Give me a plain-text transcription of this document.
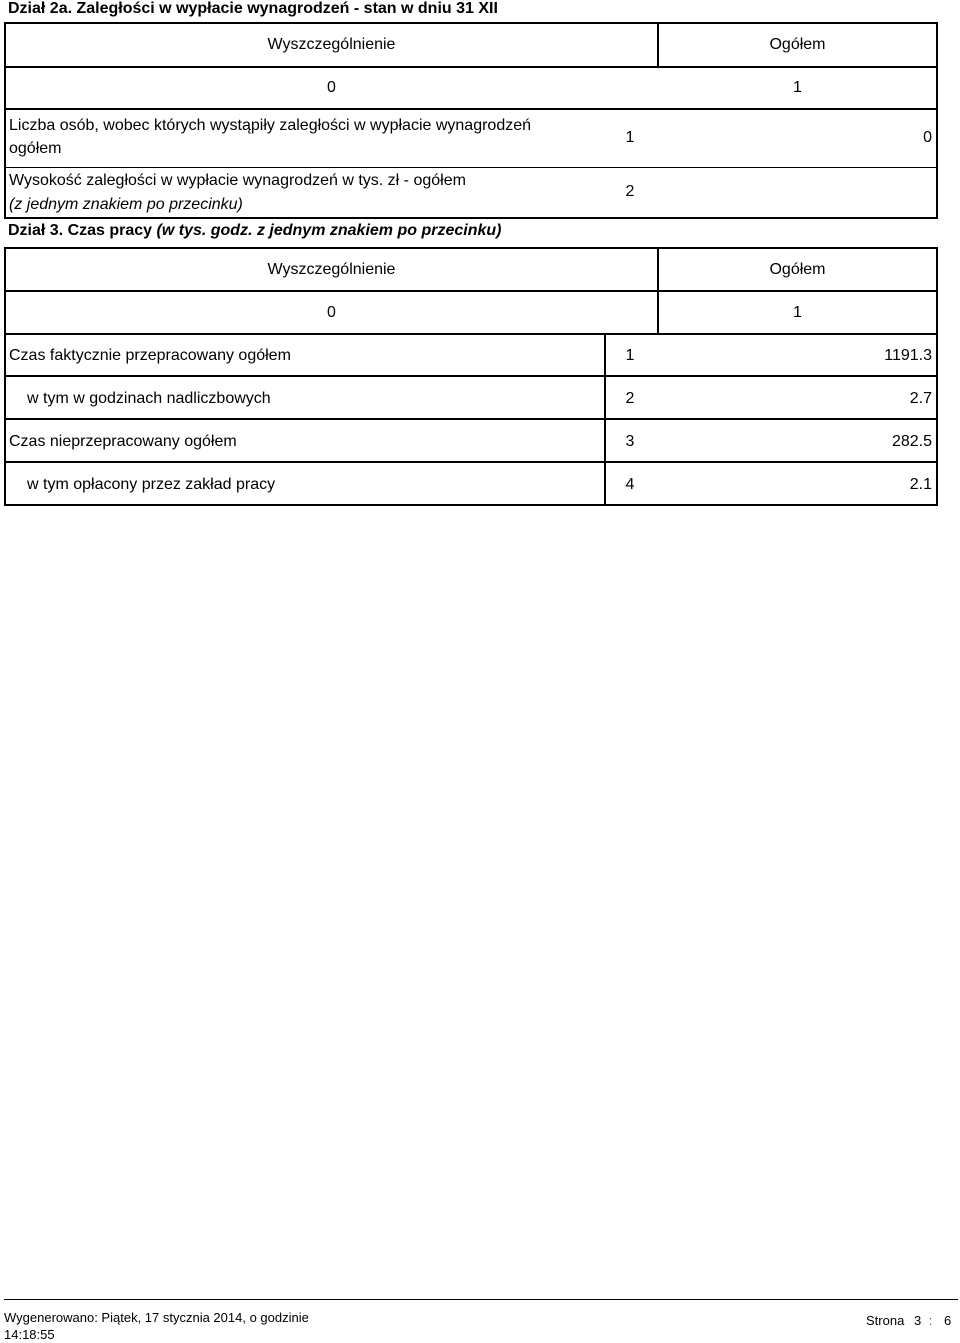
Dział 2a. Zaległości w wypłacie wynagrodzeń - stan w dniu 31 XII
Wyszczególnienie	Ogółem
0	1
Liczba osób, wobec których wystąpiły zaległości w wypłacie wynagrodzeń
ogółem
1	0
Wysokość zaległości w wypłacie wynagrodzeń w tys. zł - ogółem
(z jednym znakiem po przecinku)
2
Dział 3. Czas pracy (w tys. godz. z jednym znakiem po przecinku)
Wyszczególnienie	Ogółem
0	1
Czas faktycznie przepracowany ogółem	1	1191.3
w tym w godzinach nadliczbowych	2	2.7
Czas nieprzepracowany ogółem	3	282.5
w tym opłacony przez zakład pracy	4	2.1
Wygenerowano: Piątek, 17 stycznia 2014, o godzinie
14:18:55
Strona 3 : 6
